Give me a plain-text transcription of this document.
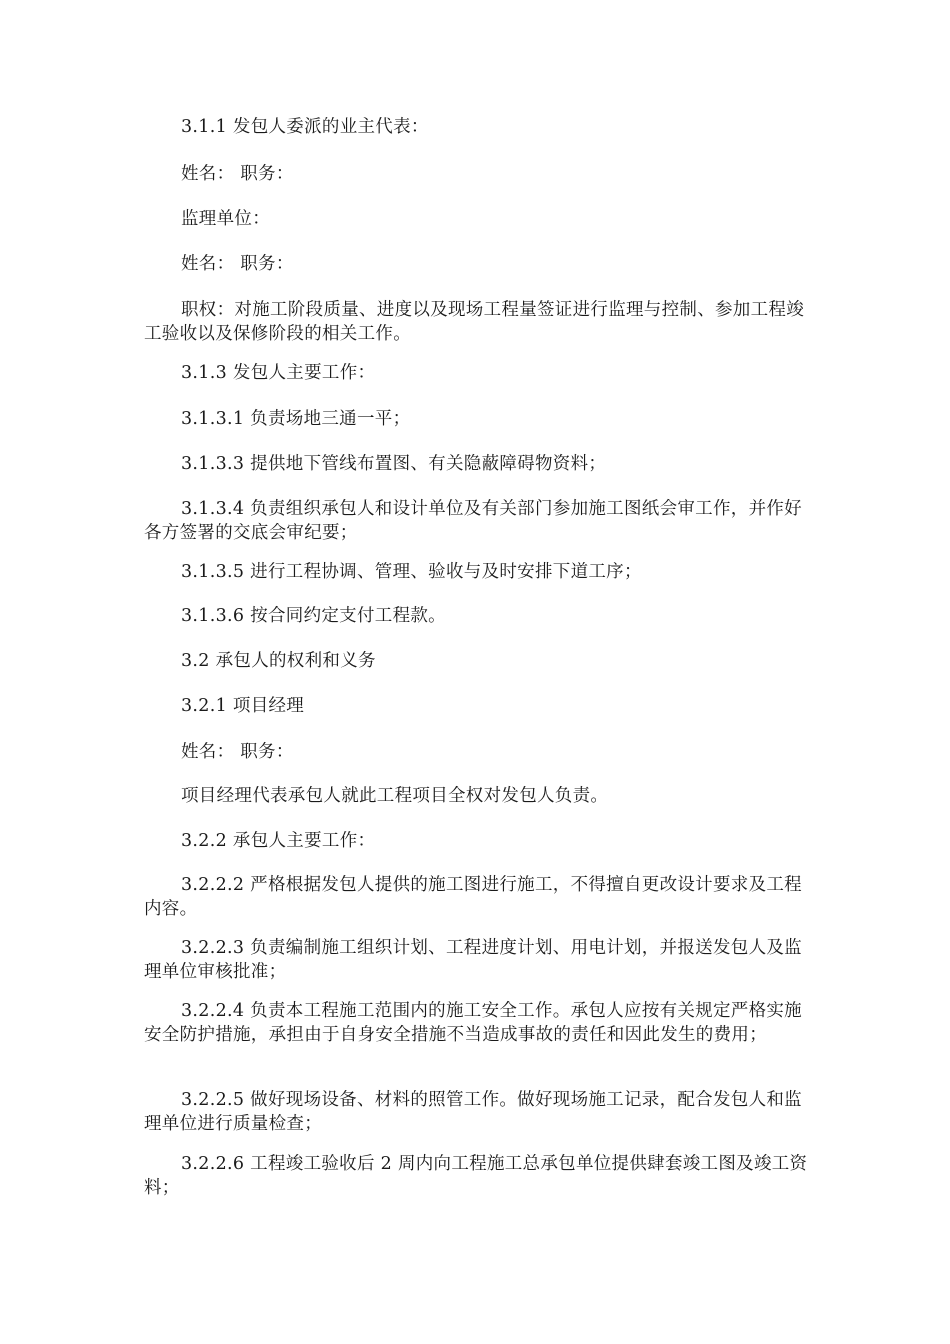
3.1.1 发包人委派的业主代表：

姓名： 职务：

监理单位：

姓名： 职务：

职权：对施工阶段质量、进度以及现场工程量签证进行监理与控制、参加工程竣工验收以及保修阶段的相关工作。

3.1.3 发包人主要工作：

3.1.3.1 负责场地三通一平；

3.1.3.3 提供地下管线布置图、有关隐蔽障碍物资料；

3.1.3.4 负责组织承包人和设计单位及有关部门参加施工图纸会审工作，并作好各方签署的交底会审纪要；

3.1.3.5 进行工程协调、管理、验收与及时安排下道工序；

3.1.3.6 按合同约定支付工程款。

3.2 承包人的权利和义务

3.2.1 项目经理

姓名： 职务：

项目经理代表承包人就此工程项目全权对发包人负责。

3.2.2 承包人主要工作：

3.2.2.2 严格根据发包人提供的施工图进行施工，不得擅自更改设计要求及工程内容。

3.2.2.3 负责编制施工组织计划、工程进度计划、用电计划，并报送发包人及监理单位审核批准；

3.2.2.4 负责本工程施工范围内的施工安全工作。承包人应按有关规定严格实施安全防护措施，承担由于自身安全措施不当造成事故的责任和因此发生的费用；

3.2.2.5 做好现场设备、材料的照管工作。做好现场施工记录，配合发包人和监理单位进行质量检查；

3.2.2.6 工程竣工验收后 2 周内向工程施工总承包单位提供肆套竣工图及竣工资料；
